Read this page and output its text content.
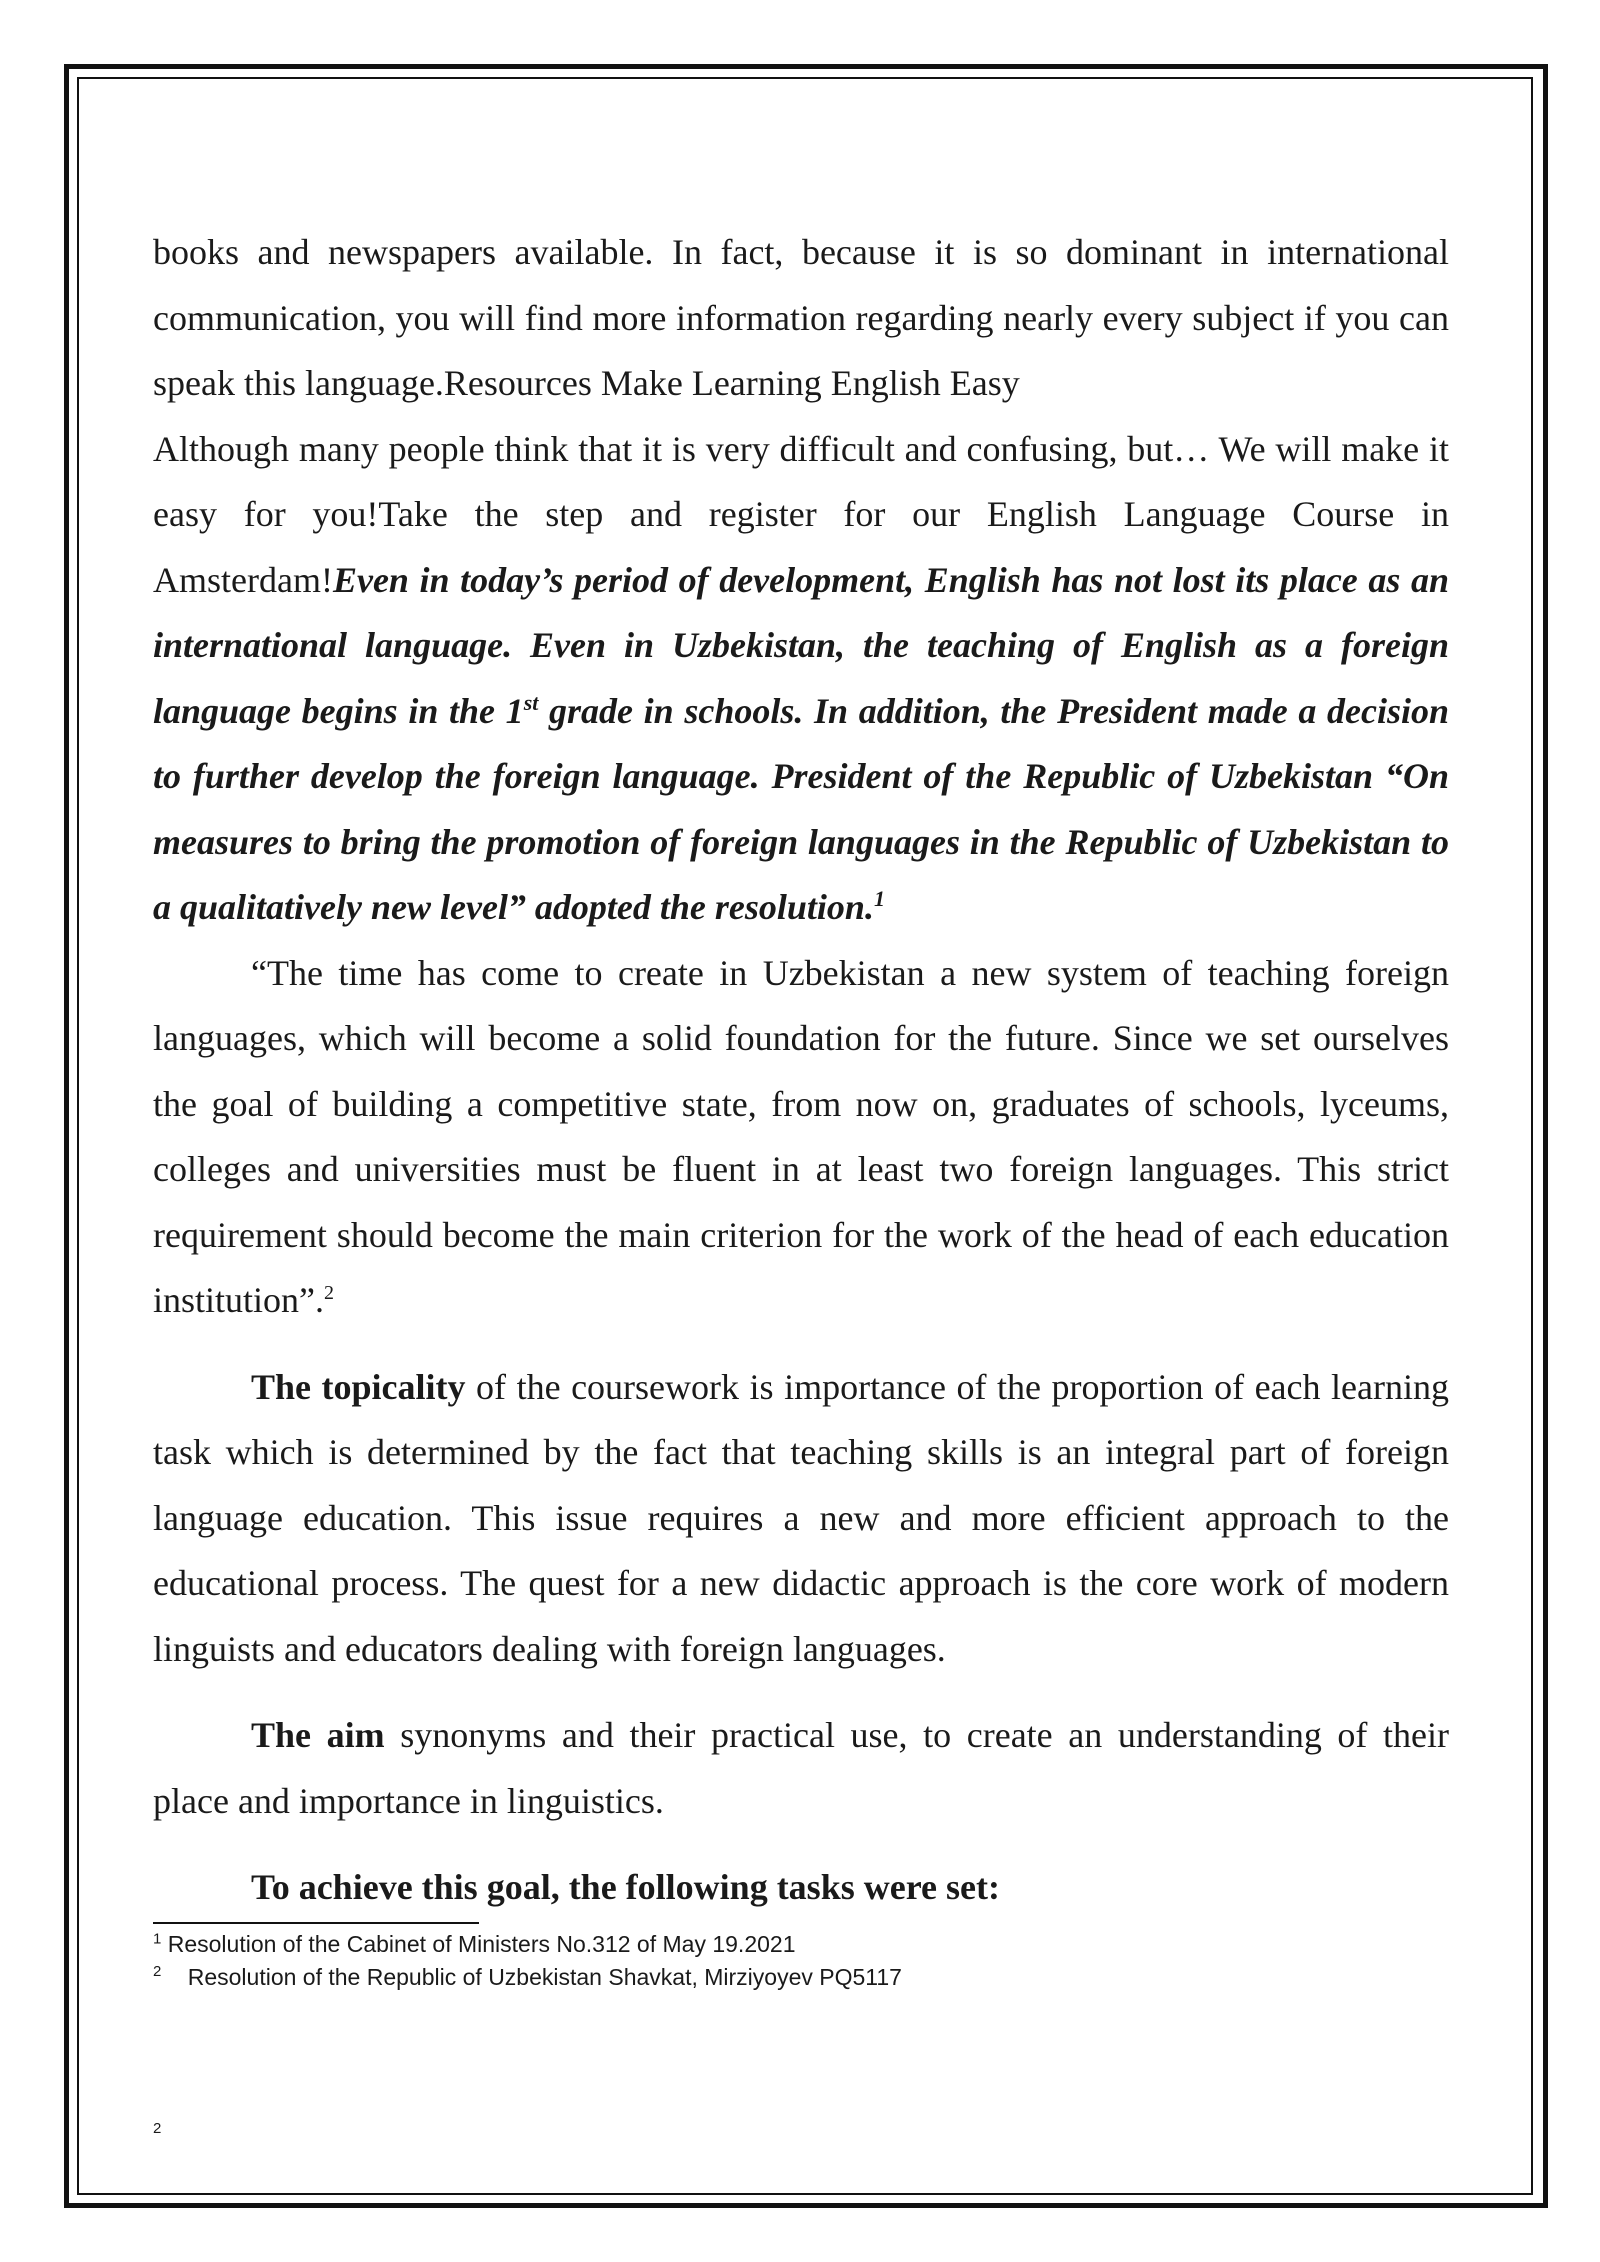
books and newspapers available. In fact, because it is so dominant in international communication, you will find more information regarding nearly every subject if you can speak this language.Resources Make Learning English Easy

Although many people think that it is very difficult and confusing, but… We will make it easy for you!Take the step and register for our English Language Course in Amsterdam!Even in today’s period of development, English has not lost its place as an international language. Even in Uzbekistan, the teaching of English as a foreign language begins in the 1st grade in schools. In addition, the President made a decision to further develop the foreign language. President of the Republic of Uzbekistan “On measures to bring the promotion of foreign languages in the Republic of Uzbekistan to a qualitatively new level” adopted the resolution.$^1$

“The time has come to create in Uzbekistan a new system of teaching foreign languages, which will become a solid foundation for the future. Since we set ourselves the goal of building a competitive state, from now on, graduates of schools, lyceums, colleges and universities must be fluent in at least two foreign languages. This strict requirement should become the main criterion for the work of the head of each education institution”.$^2$

The topicality of the coursework is importance of the proportion of each learning task which is determined by the fact that teaching skills is an integral part of foreign language education. This issue requires a new and more efficient approach to the educational process. The quest for a new didactic approach is the core work of modern linguists and educators dealing with foreign languages.

The aim synonyms and their practical use, to create an understanding of their place and importance in linguistics.

To achieve this goal, the following tasks were set:

$^1$ Resolution of the Cabinet of Ministers No.312 of May 19.2021

$^2$ Resolution of the Republic of Uzbekistan Shavkat, Mirziyoyev PQ5117

2
